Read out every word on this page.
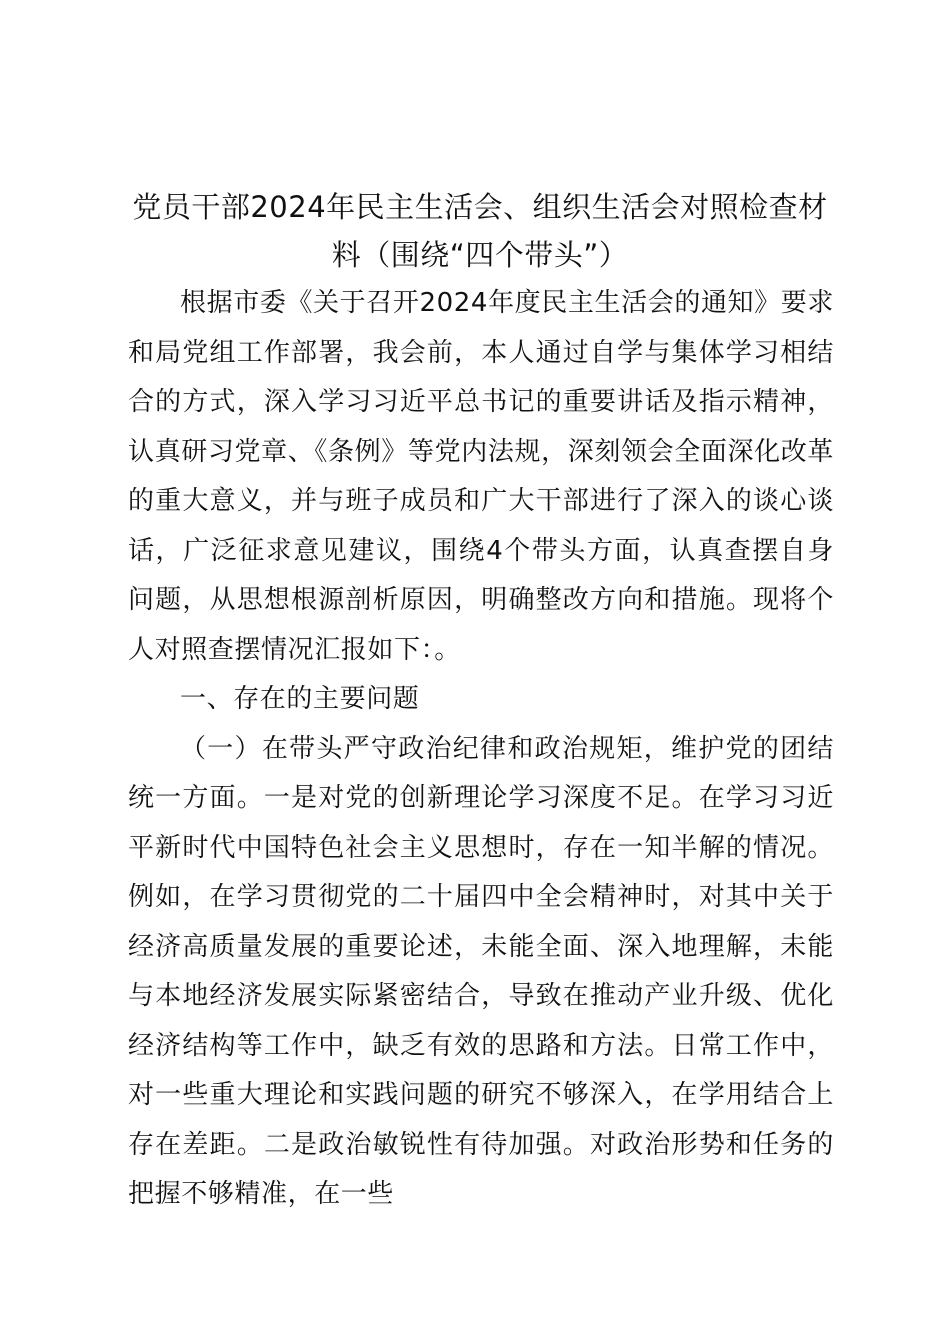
党员干部2024年民主生活会、组织生活会对照检查材料（围绕“四个带头”）

根据市委《关于召开2024年度民主生活会的通知》要求和局党组工作部署，我会前，本人通过自学与集体学习相结合的方式，深入学习习近平总书记的重要讲话及指示精神，认真研习党章、《条例》等党内法规，深刻领会全面深化改革的重大意义，并与班子成员和广大干部进行了深入的谈心谈话，广泛征求意见建议，围绕4个带头方面，认真查摆自身问题，从思想根源剖析原因，明确整改方向和措施。现将个人对照查摆情况汇报如下：。

一、存在的主要问题

（一）在带头严守政治纪律和政治规矩，维护党的团结统一方面。一是对党的创新理论学习深度不足。在学习习近平新时代中国特色社会主义思想时，存在一知半解的情况。例如，在学习贯彻党的二十届四中全会精神时，对其中关于经济高质量发展的重要论述，未能全面、深入地理解，未能与本地经济发展实际紧密结合，导致在推动产业升级、优化经济结构等工作中，缺乏有效的思路和方法。日常工作中，对一些重大理论和实践问题的研究不够深入，在学用结合上存在差距。二是政治敏锐性有待加强。对政治形势和任务的把握不够精准，在一些
